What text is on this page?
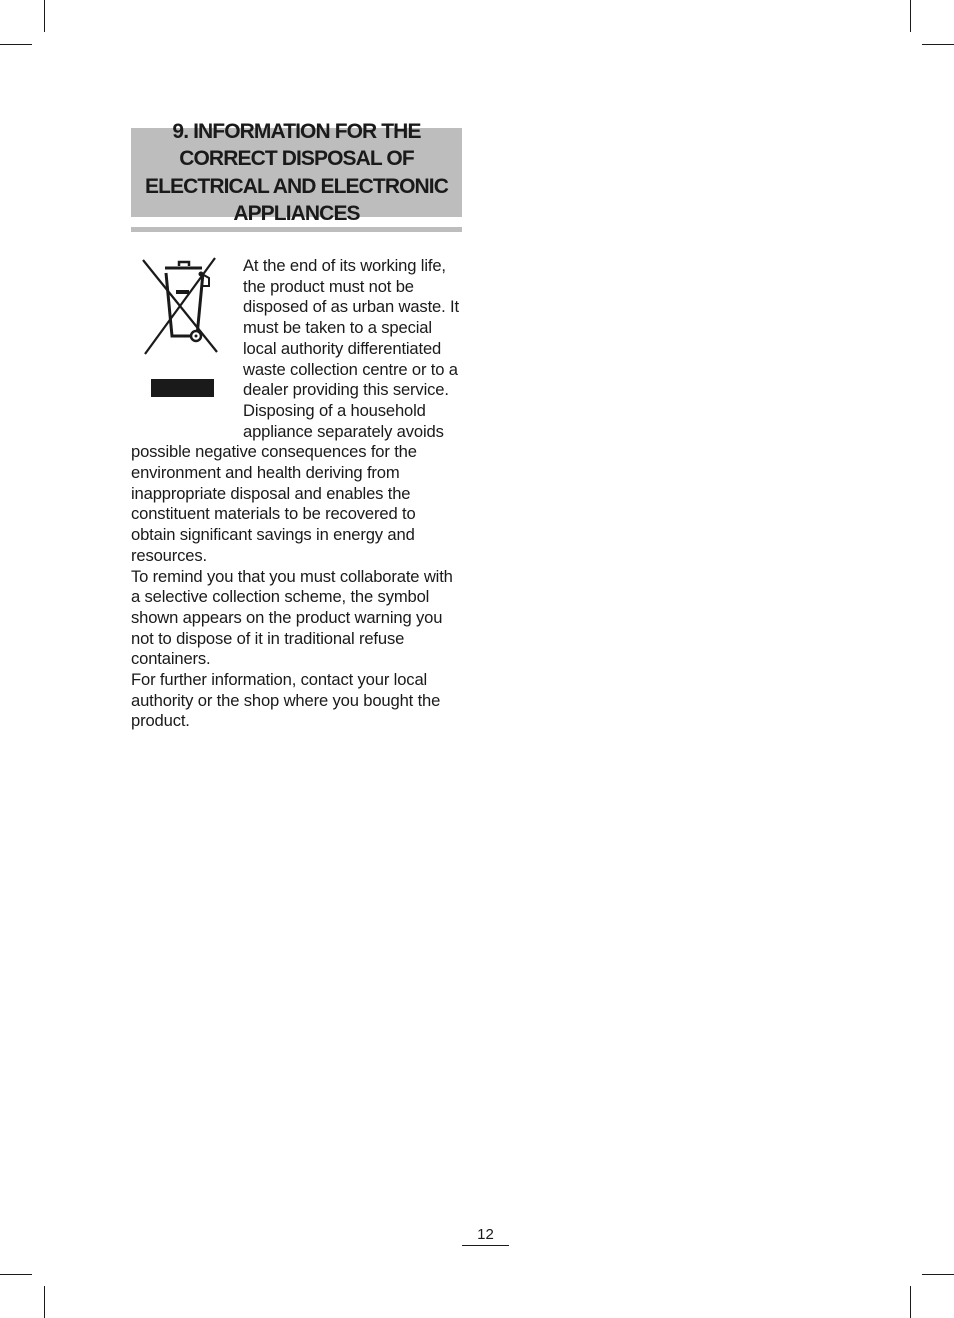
9. INFORMATION FOR THE CORRECT DISPOSAL OF ELECTRICAL AND ELECTRONIC APPLIANCES

At the end of its working life, the product must not be disposed of as urban waste. It must be taken to a special local authority differentiated waste collection centre or to a dealer providing this service. Disposing of a household appliance separately avoids possible negative consequences for the environment and health deriving from inappropriate disposal and enables the constituent materials to be recovered to obtain significant savings in energy and resources.

To remind you that you must collaborate with a selective collection scheme, the symbol shown appears on the product warning you not to dispose of it in traditional refuse containers.

For further information, contact your local authority or the shop where you bought the product.

12
